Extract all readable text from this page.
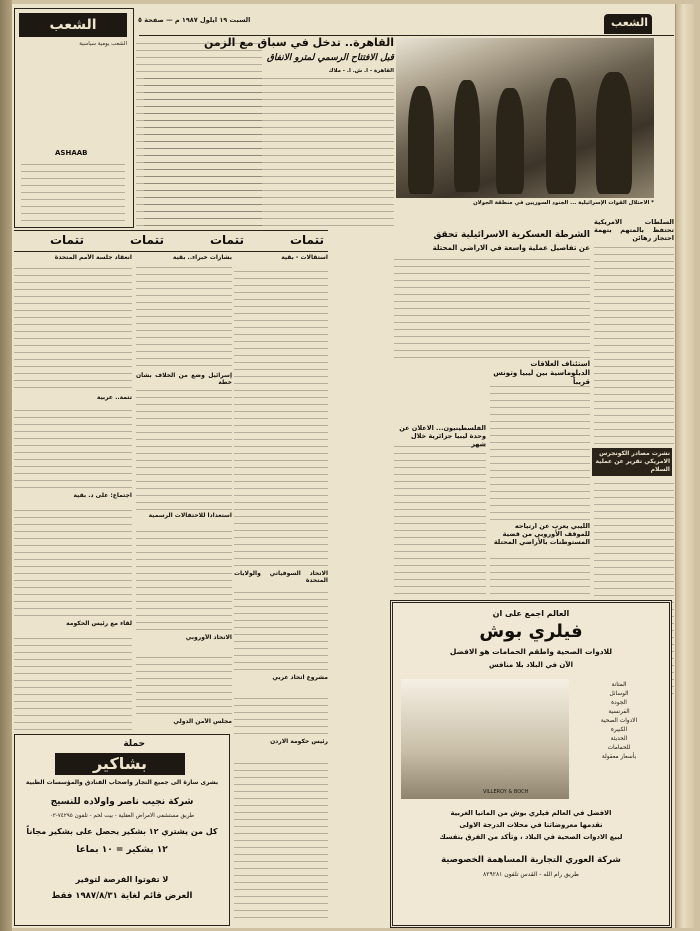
الشعب
السبت ١٩ ايلول ١٩٨٧ م — صفحة ٥
الشعب
الشعب يومية سياسية
ASHAAB
القاهرة.. تدخل في سباق مع الزمن
قبل الافتتاح الرسمي لمترو الانفاق
القاهرة - أ. ش. أ. - ملاك
* الاحتلال القوات الإسرائيلية ... الجنود السوريين في منطقة الجولان
السلطات الامريكية تحتفظ بالمتهم بتهمة احتجاز رهائن
نشرت مصادر الكونجرس الامريكي تقرير عن عملية السلام
تتمات
تتمات
تتمات
تتمات	الشرطة العسكرية الاسرائيلية تحقق
عن تفاصيل عملية واسعة في الاراضي المحتلة
استئناف العلاقات الدبلوماسية بين ليبيا وتونس قريباً
الفلسطينيون... الاعلان عن وحدة ليبيا جزائرية خلال شهر
الليبي يعرب عن ارتياحه للموقف الأوروبي من قضية المستوطنات بالأراضي المحتلة
بشارات خبراء.. بقية	استقالات - بقية
إسرائيل وضع من الخلاف بشأن خطة
استعداداً للاحتفالات الرسمية
الاتحاد السوفياتي والولايات المتحدة
مشروع اتحاد عربي
رئيس حكومة الاردن
الاتحاد الأوروبي
مجلس الأمن الدولي
انعقاد جلسة الأمم المتحدة
تتمة.. عربية
اجتماع: على د. بقية
لقاء مع رئيس الحكومة
حملة
بشاكير
بشرى سارة الى جميع التجار واصحاب الفنادق والمؤسسات الطبية
شركة نجيب ناصر واولاده للنسيج
طريق مستشفى الامراض العقلية - بيت لحم - تلفون ٧٤٢٩٥-٠٢
كل من يشتري ١٢ بشكير يحصل على بشكير مجاناً
١٢ بشكير = ١٠ بماعا
لا تفوتوا الفرصة لتوفير
العرض قائم لغاية ١٩٨٧/٨/٣١ فقط
العالم اجمع على ان
فيلري بوش
للادوات الصحية واطقم الحمامات هو الافضل
الآن في البلاد بلا منافس
VILLEROY & BOCH
المتانة
الوسائل
الجودة
الفرنسية
الادوات الصحية
الكبيرة
الحديثة
للحمامات
بأسعار معقولة
الافضل في العالم فيلري بوش من المانيا الغربية
نقدمها معروضاتنا في محلات الدرجة الاولى
لبيع الادوات الصحية في البلاد ، وتأكد من الفرق بنفسك
شركة العوري التجارية المساهمة الخصوصية
طريق رام الله - القدس تلفون ٨٢٩٢٨١
